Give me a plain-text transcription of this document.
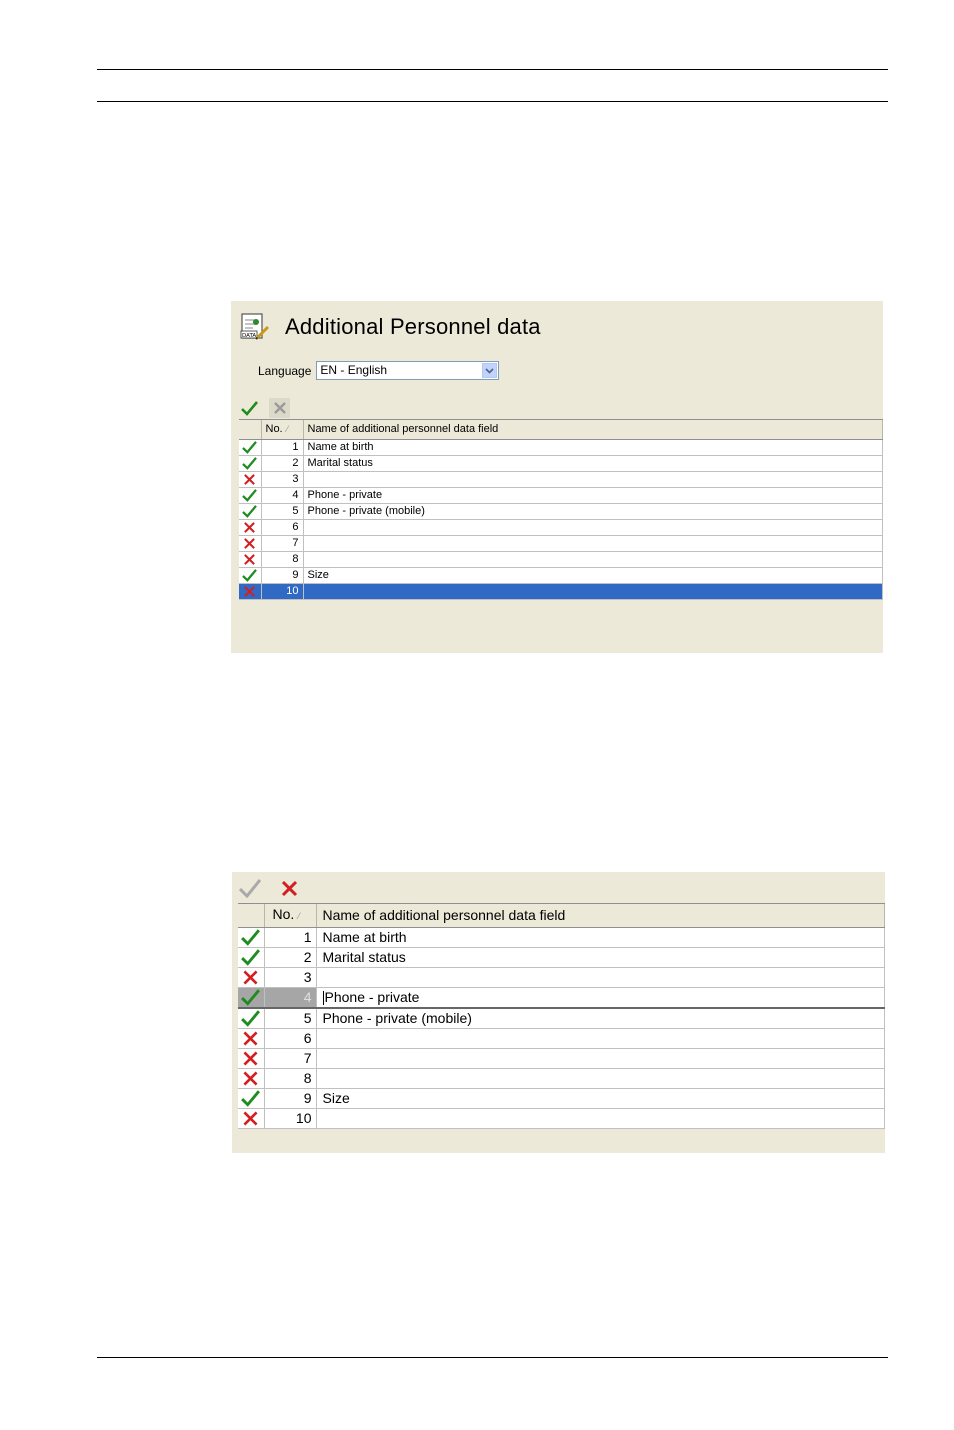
DATA Additional Personnel data
Language EN - English
	No. ⁄	Name of additional personnel data field

	1	Name at birth

	2	Marital status

	3	

	4	Phone - private

	5	Phone - private (mobile)

	6	

	7	

	8	

	9	Size

	10	
	No. ⁄	Name of additional personnel data field

	1	Name at birth

	2	Marital status

	3	

	4	Phone - private

	5	Phone - private (mobile)

	6	

	7	

	8	

	9	Size

	10	
